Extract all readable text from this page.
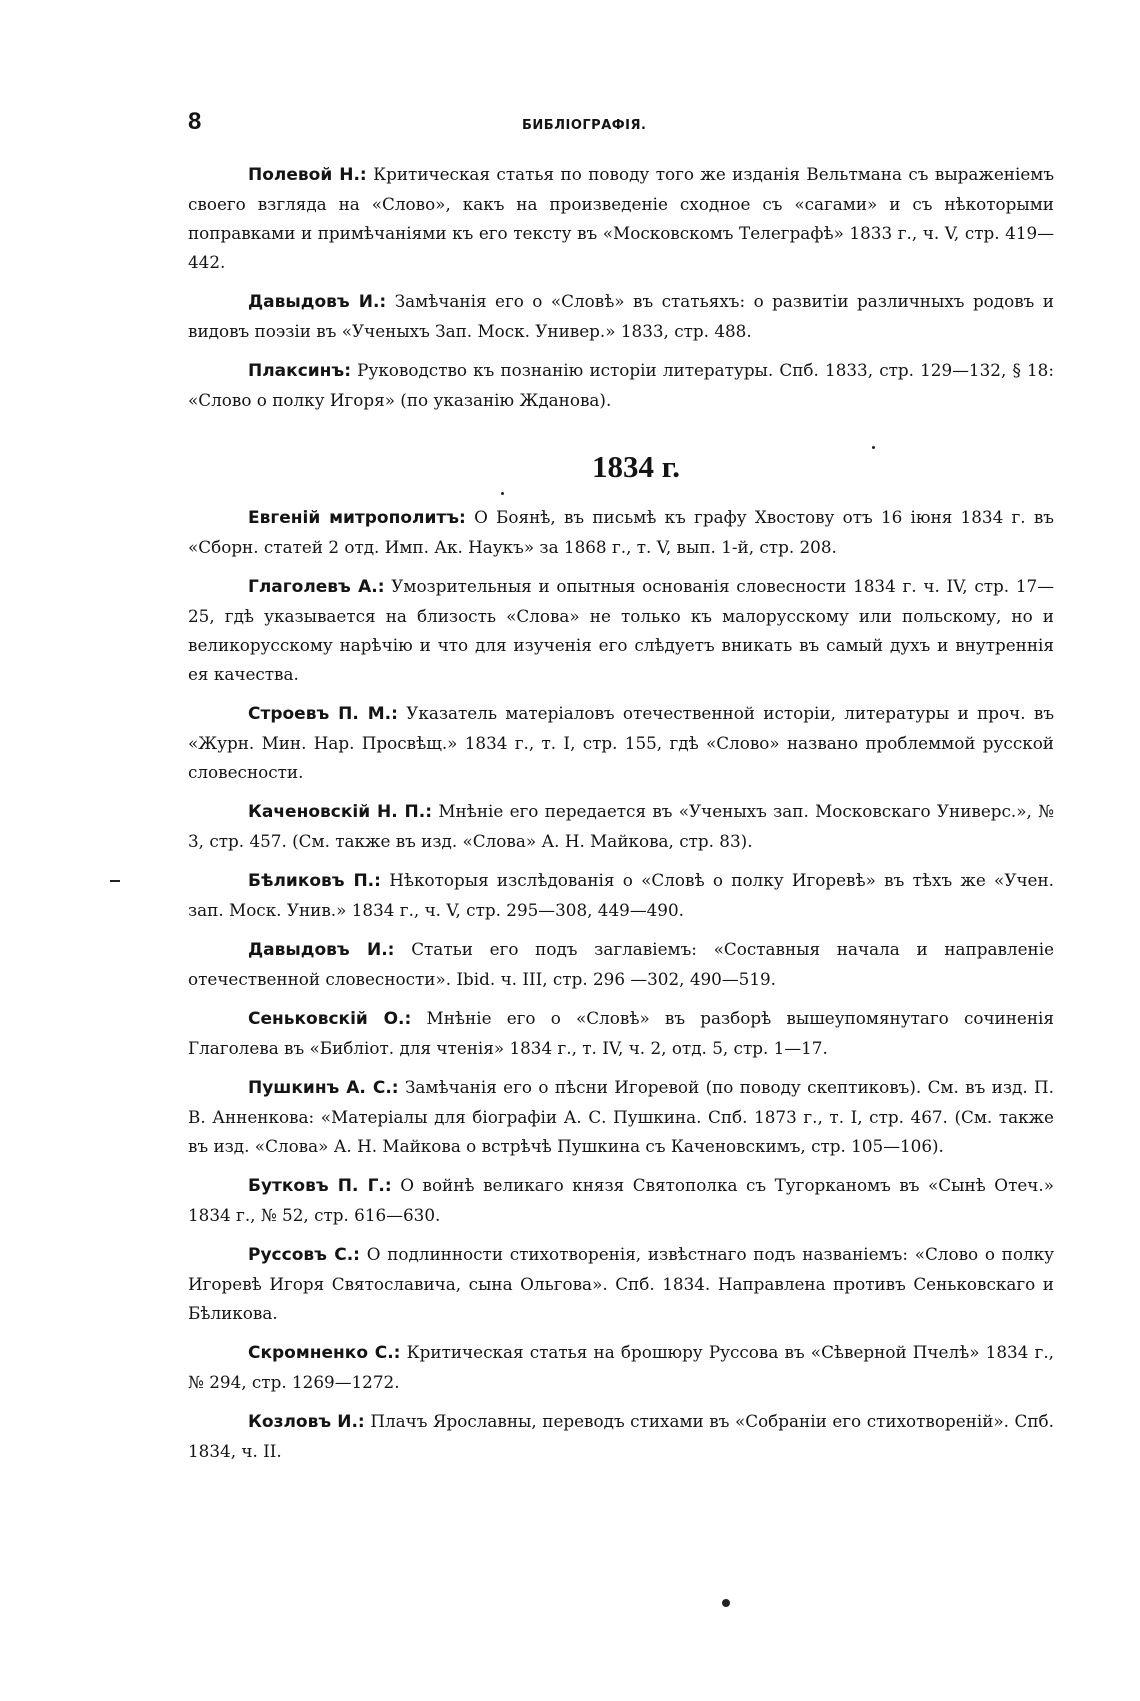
8	БИБЛІОГРАФІЯ.

Полевой Н.: Критическая статья по поводу того же изданія Вельтмана съ выраженіемъ своего взгляда на «Слово», какъ на произведеніе сходное съ «сагами» и съ нѣкоторыми поправками и примѣчаніями къ его тексту въ «Московскомъ Телеграфѣ» 1833 г., ч. V, стр. 419—442.

Давыдовъ И.: Замѣчанія его о «Словѣ» въ статьяхъ: о развитіи различныхъ родовъ и видовъ поэзіи въ «Ученыхъ Зап. Моск. Универ.» 1833, стр. 488.

Плаксинъ: Руководство къ познанію исторіи литературы. Спб. 1833, стр. 129—132, § 18: «Слово о полку Игоря» (по указанію Жданова).

1834 г.

Евгеній митрополитъ: О Боянѣ, въ письмѣ къ графу Хвостову отъ 16 іюня 1834 г. въ «Сборн. статей 2 отд. Имп. Ак. Наукъ» за 1868 г., т. V, вып. 1-й, стр. 208.

Глаголевъ А.: Умозрительныя и опытныя основанія словесности 1834 г. ч. IV, стр. 17—25, гдѣ указывается на близость «Слова» не только къ малорусскому или польскому, но и великорусскому нарѣчію и что для изученія его слѣдуетъ вникать въ самый духъ и внутреннія ея качества.

Строевъ П. М.: Указатель матеріаловъ отечественной исторіи, литературы и проч. въ «Журн. Мин. Нар. Просвѣщ.» 1834 г., т. I, стр. 155, гдѣ «Слово» названо проблеммой русской словесности.

Каченовскій Н. П.: Мнѣніе его передается въ «Ученыхъ зап. Московскаго Универс.», № 3, стр. 457. (См. также въ изд. «Слова» А. Н. Майкова, стр. 83).

Бѣликовъ П.: Нѣкоторыя изслѣдованія о «Словѣ о полку Игоревѣ» въ тѣхъ же «Учен. зап. Моск. Унив.» 1834 г., ч. V, стр. 295—308, 449—490.

Давыдовъ И.: Статьи его подъ заглавіемъ: «Составныя начала и направленіе отечественной словесности». Ibid. ч. III, стр. 296 —302, 490—519.

Сеньковскій О.: Мнѣніе его о «Словѣ» въ разборѣ вышеупомянутаго сочиненія Глаголева въ «Библіот. для чтенія» 1834 г., т. IV, ч. 2, отд. 5, стр. 1—17.

Пушкинъ А. С.: Замѣчанія его о пѣсни Игоревой (по поводу скептиковъ). См. въ изд. П. В. Анненкова: «Матеріалы для біографіи А. С. Пушкина. Спб. 1873 г., т. I, стр. 467. (См. также въ изд. «Слова» А. Н. Майкова о встрѣчѣ Пушкина съ Каченовскимъ, стр. 105—106).

Бутковъ П. Г.: О войнѣ великаго князя Святополка съ Тугорканомъ въ «Сынѣ Отеч.» 1834 г., № 52, стр. 616—630.

Руссовъ С.: О подлинности стихотворенія, извѣстнаго подъ названіемъ: «Слово о полку Игоревѣ Игоря Святославича, сына Ольгова». Спб. 1834. Направлена противъ Сеньковскаго и Бѣликова.

Скромненко С.: Критическая статья на брошюру Руссова въ «Сѣверной Пчелѣ» 1834 г., № 294, стр. 1269—1272.

Козловъ И.: Плачъ Ярославны, переводъ стихами въ «Собраніи его стихотвореній». Спб. 1834, ч. II.
